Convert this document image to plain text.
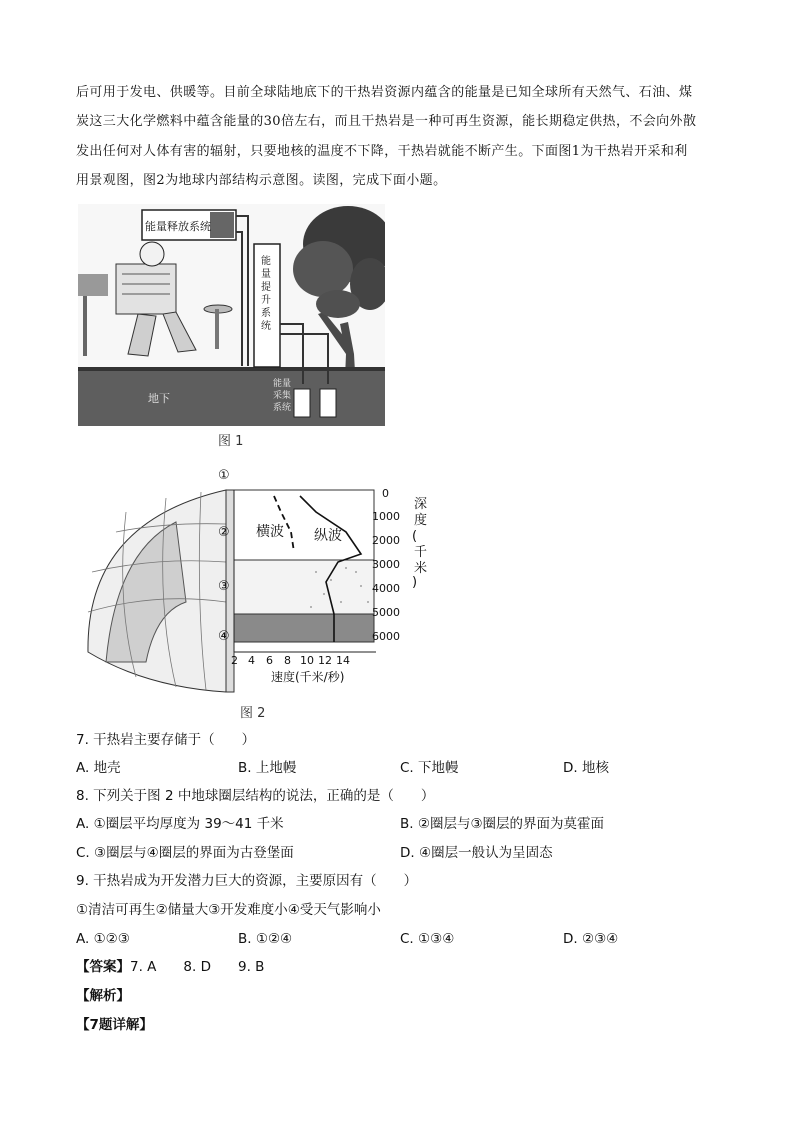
后可用于发电、供暖等。目前全球陆地底下的干热岩资源内蕴含的能量是已知全球所有天然气、石油、煤

炭这三大化学燃料中蕴含能量的30倍左右，而且干热岩是一种可再生资源，能长期稳定供热，不会向外散

发出任何对人体有害的辐射，只要地核的温度不下降，干热岩就能不断产生。下面图1为干热岩开采和利

用景观图，图2为地球内部结构示意图。读图，完成下面小题。

地下
能量释放系统
能量提升系统
能量采集系统
图 1
①
②
③
④
横波 纵波
0
1000
2000
3000
4000
5000
6000
深度(千米)
2 4 6 8 10 12 14
速度(千米/秒)
图 2
7. 干热岩主要存储于（　　）
A. 地壳	B. 上地幔	C. 下地幔	D. 地核
8. 下列关于图 2 中地球圈层结构的说法，正确的是（　　）
A. ①圈层平均厚度为 39～41 千米	B. ②圈层与③圈层的界面为莫霍面
C. ③圈层与④圈层的界面为古登堡面	D. ④圈层一般认为呈固态
9. 干热岩成为开发潜力巨大的资源，主要原因有（　　）
①清洁可再生②储量大③开发难度小④受天气影响小
A. ①②③	B. ①②④	C. ①③④	D. ②③④
【答案】7. A　　8. D　　9. B
【解析】
【7题详解】
